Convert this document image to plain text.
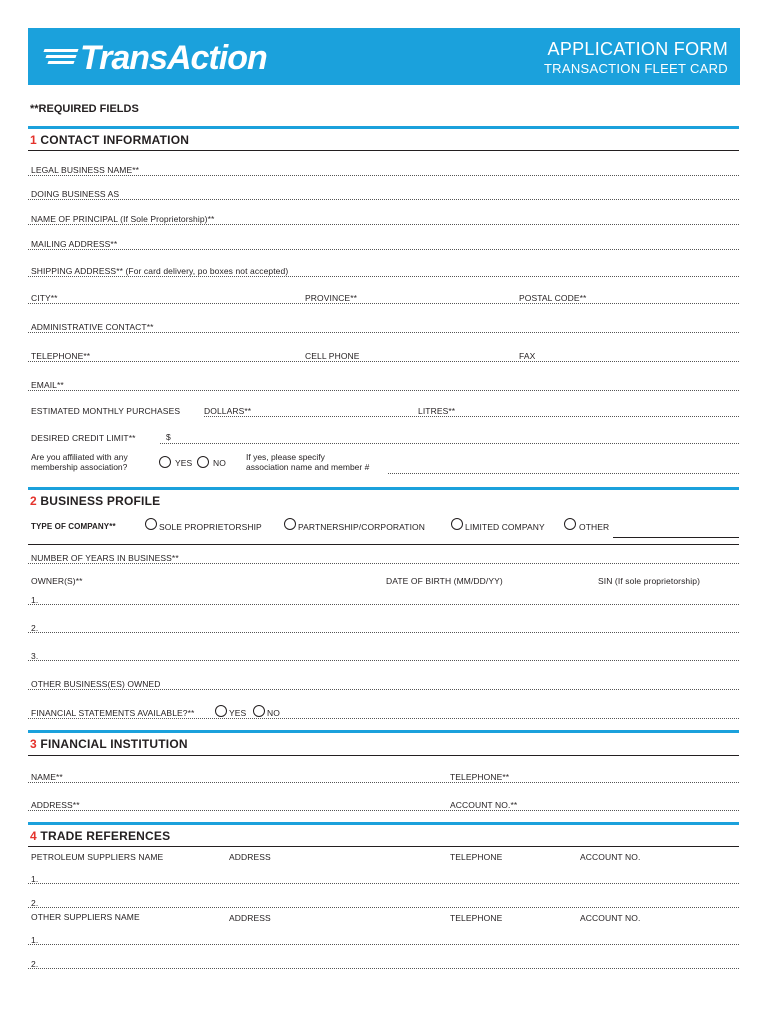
TransAction	APPLICATION FORM
TRANSACTION FLEET CARD
**REQUIRED FIELDS
1 CONTACT INFORMATION
LEGAL BUSINESS NAME**
DOING BUSINESS AS
NAME OF PRINCIPAL (If Sole Proprietorship)**
MAILING ADDRESS**
SHIPPING ADDRESS** (For card delivery, po boxes not accepted)
CITY**	PROVINCE**	POSTAL CODE**
ADMINISTRATIVE CONTACT**
TELEPHONE**	CELL PHONE	FAX
EMAIL**
ESTIMATED MONTHLY PURCHASES	DOLLARS**	LITRES**
DESIRED CREDIT LIMIT**	$
Are you affiliated with any
membership association?	YES NO
If yes, please specify
association name and member #
2 BUSINESS PROFILE
TYPE OF COMPANY**	SOLE PROPRIETORSHIP	PARTNERSHIP/CORPORATION	LIMITED COMPANY	OTHER
NUMBER OF YEARS IN BUSINESS**
OWNER(S)**	DATE OF BIRTH (MM/DD/YY)	SIN (If sole proprietorship)
1.
2.
3.
OTHER BUSINESS(ES) OWNED
FINANCIAL STATEMENTS AVAILABLE?**	YES NO
3 FINANCIAL INSTITUTION
NAME**	TELEPHONE**
ADDRESS**	ACCOUNT NO.**
4 TRADE REFERENCES
PETROLEUM SUPPLIERS NAME	ADDRESS	TELEPHONE	ACCOUNT NO.
1.
2.
OTHER SUPPLIERS NAME	ADDRESS	TELEPHONE	ACCOUNT NO.
1.
2.
